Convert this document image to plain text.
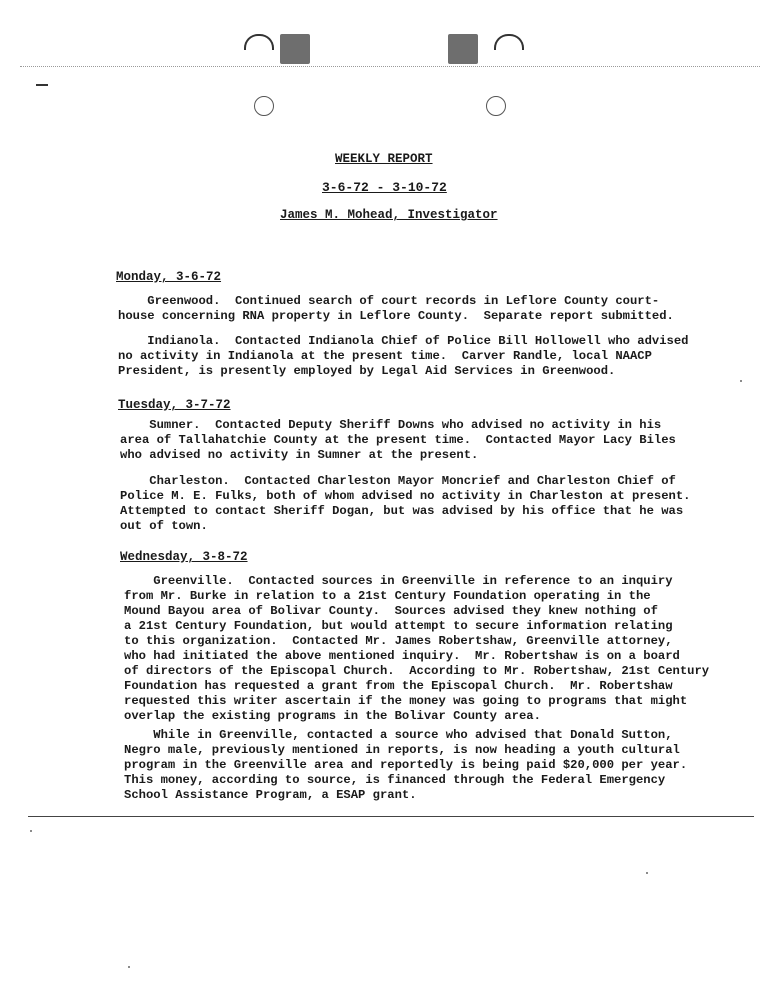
WEEKLY REPORT
3-6-72 - 3-10-72
James M. Mohead, Investigator
Monday, 3-6-72
Greenwood.  Continued search of court records in Leflore County court-
house concerning RNA property in Leflore County.  Separate report submitted.
Indianola.  Contacted Indianola Chief of Police Bill Hollowell who advised
no activity in Indianola at the present time.  Carver Randle, local NAACP
President, is presently employed by Legal Aid Services in Greenwood.
Tuesday, 3-7-72
Sumner.  Contacted Deputy Sheriff Downs who advised no activity in his
area of Tallahatchie County at the present time.  Contacted Mayor Lacy Biles
who advised no activity in Sumner at the present.
Charleston.  Contacted Charleston Mayor Moncrief and Charleston Chief of
Police M. E. Fulks, both of whom advised no activity in Charleston at present.
Attempted to contact Sheriff Dogan, but was advised by his office that he was
out of town.
Wednesday, 3-8-72
Greenville.  Contacted sources in Greenville in reference to an inquiry
from Mr. Burke in relation to a 21st Century Foundation operating in the
Mound Bayou area of Bolivar County.  Sources advised they knew nothing of
a 21st Century Foundation, but would attempt to secure information relating
to this organization.  Contacted Mr. James Robertshaw, Greenville attorney,
who had initiated the above mentioned inquiry.  Mr. Robertshaw is on a board
of directors of the Episcopal Church.  According to Mr. Robertshaw, 21st Century
Foundation has requested a grant from the Episcopal Church.  Mr. Robertshaw
requested this writer ascertain if the money was going to programs that might
overlap the existing programs in the Bolivar County area.
While in Greenville, contacted a source who advised that Donald Sutton,
Negro male, previously mentioned in reports, is now heading a youth cultural
program in the Greenville area and reportedly is being paid $20,000 per year.
This money, according to source, is financed through the Federal Emergency
School Assistance Program, a ESAP grant.
